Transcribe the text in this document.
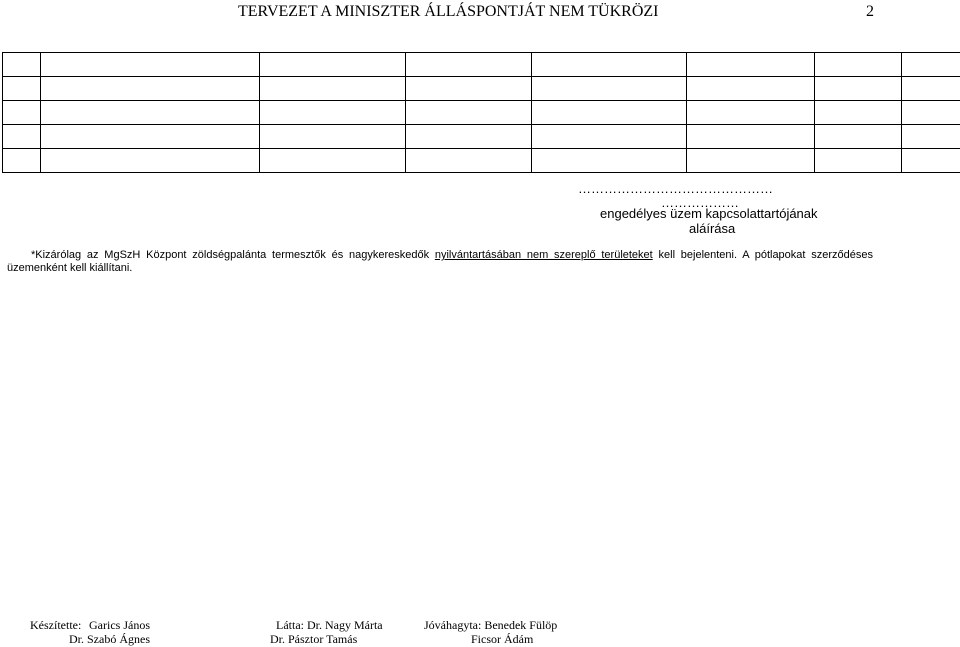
TERVEZET A MINISZTER ÁLLÁSPONTJÁT NEM TÜKRÖZI	2

………………………………………
………………
engedélyes üzem kapcsolattartójának
aláírása

*Kizárólag az MgSzH Központ zöldségpalánta termesztők és nagykereskedők nyilvántartásában nem szereplő területeket kell bejelenteni. A pótlapokat szerződéses üzemenként kell kiállítani.

Készítette: Garics János
Dr. Szabó Ágnes
Látta: Dr. Nagy Márta
Dr. Pásztor Tamás
Jóváhagyta: Benedek Fülöp
Ficsor Ádám
